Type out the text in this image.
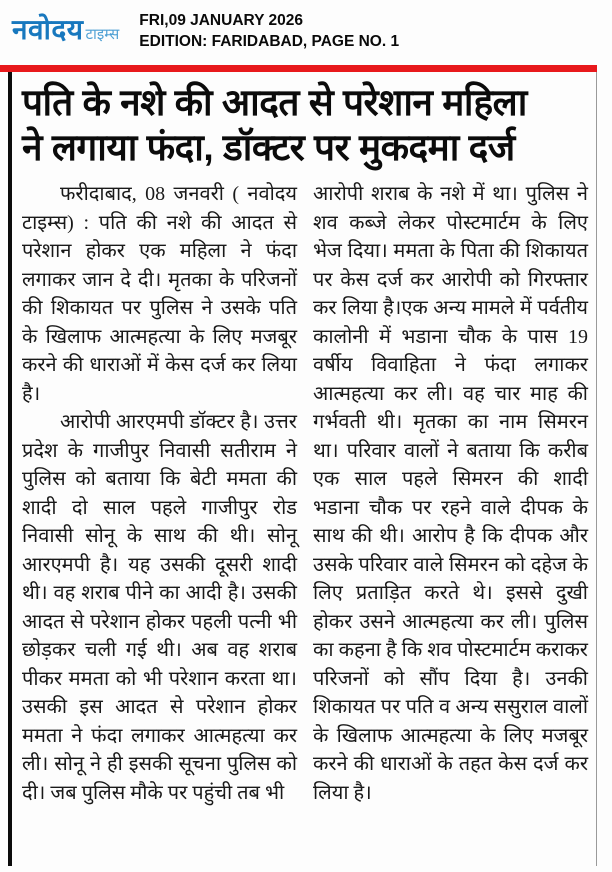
नवोदय टाइम्स
FRI,09 JANUARY 2026
EDITION: FARIDABAD, PAGE NO. 1
पति के नशे की आदत से परेशान महिला
ने लगाया फंदा, डॉक्टर पर मुकदमा दर्ज

फरीदाबाद, 08 जनवरी ( नवोदय टाइम्स) : पति की नशे की आदत से परेशान होकर एक महिला ने फंदा लगाकर जान दे दी। मृतका के परिजनों की शिकायत पर पुलिस ने उसके पति के खिलाफ आत्महत्या के लिए मजबूर करने की धाराओं में केस दर्ज कर लिया है।

आरोपी आरएमपी डॉक्टर है। उत्तर प्रदेश के गाजीपुर निवासी सतीराम ने पुलिस को बताया कि बेटी ममता की शादी दो साल पहले गाजीपुर रोड निवासी सोनू के साथ की थी। सोनू आरएमपी है। यह उसकी दूसरी शादी थी। वह शराब पीने का आदी है। उसकी आदत से परेशान होकर पहली पत्नी भी छोड़कर चली गई थी। अब वह शराब पीकर ममता को भी परेशान करता था। उसकी इस आदत से परेशान होकर ममता ने फंदा लगाकर आत्महत्या कर ली। सोनू ने ही इसकी सूचना पुलिस को दी। जब पुलिस मौके पर पहुंची तब भी

आरोपी शराब के नशे में था। पुलिस ने शव कब्जे लेकर पोस्टमार्टम के लिए भेज दिया। ममता के पिता की शिकायत पर केस दर्ज कर आरोपी को गिरफ्तार कर लिया है।एक अन्य मामले में पर्वतीय कालोनी में भडाना चौक के पास 19 वर्षीय विवाहिता ने फंदा लगाकर आत्महत्या कर ली। वह चार माह की गर्भवती थी। मृतका का नाम सिमरन था। परिवार वालों ने बताया कि करीब एक साल पहले सिमरन की शादी भडाना चौक पर रहने वाले दीपक के साथ की थी। आरोप है कि दीपक और उसके परिवार वाले सिमरन को दहेज के लिए प्रताड़ित करते थे। इससे दुखी होकर उसने आत्महत्या कर ली। पुलिस का कहना है कि शव पोस्टमार्टम कराकर परिजनों को सौंप दिया है। उनकी शिकायत पर पति व अन्य ससुराल वालों के खिलाफ आत्महत्या के लिए मजबूर करने की धाराओं के तहत केस दर्ज कर लिया है।
